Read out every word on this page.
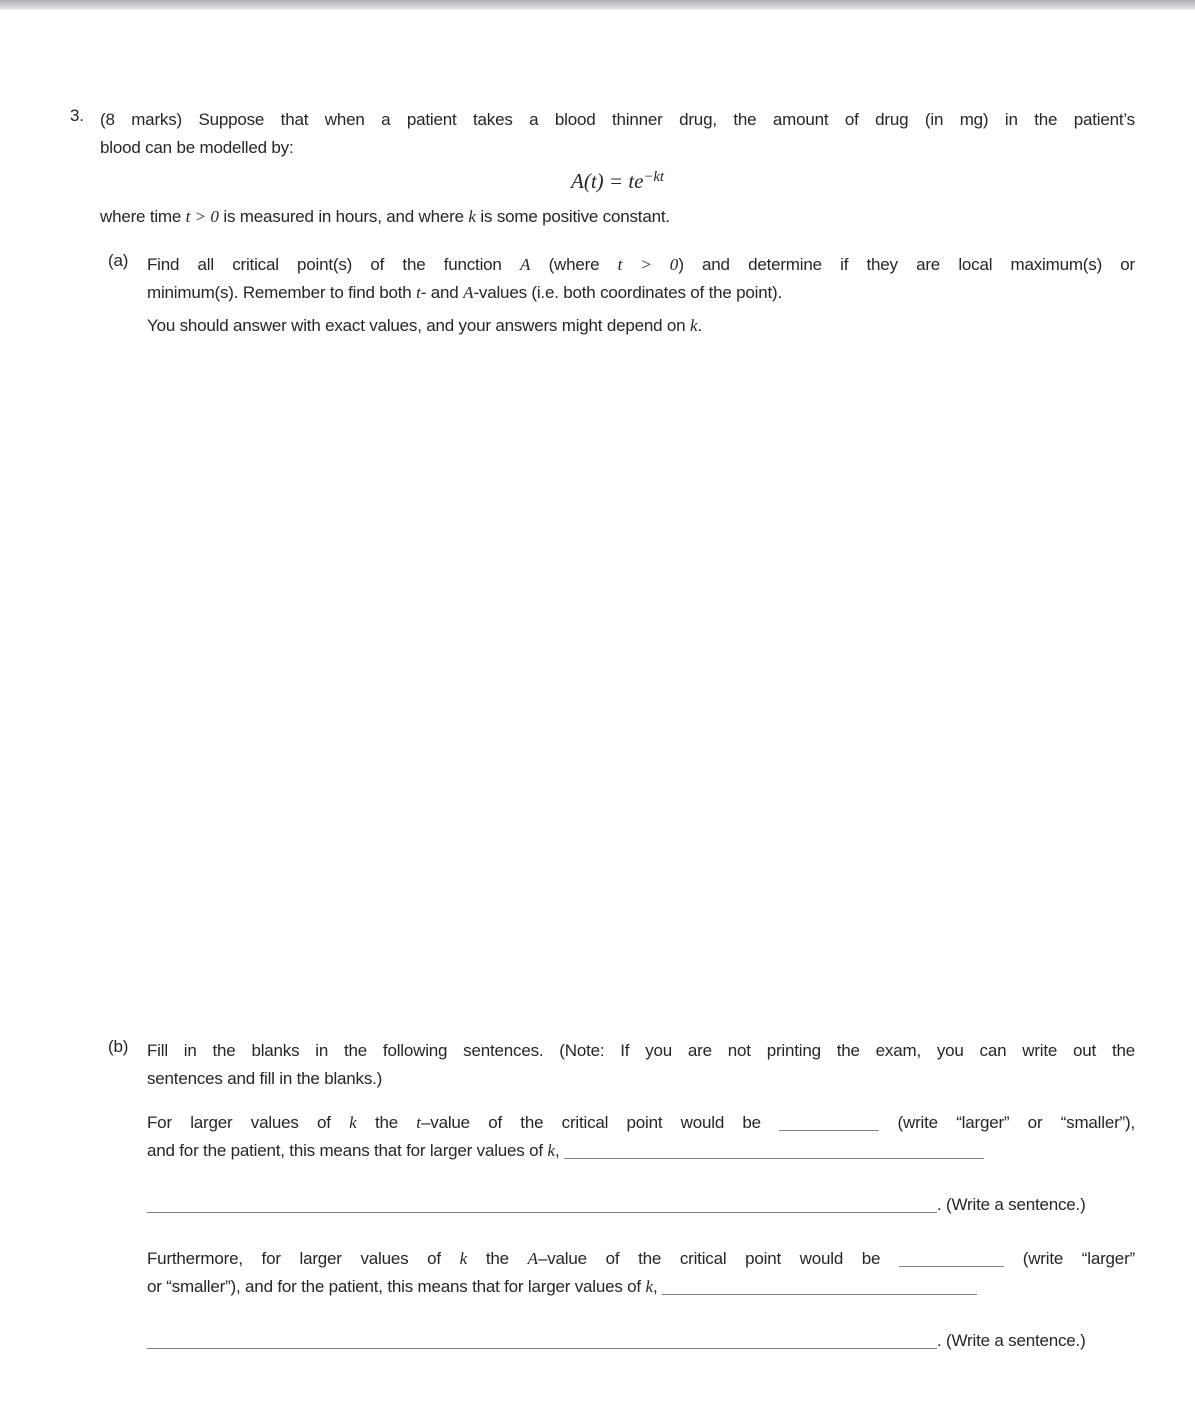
3. (8 marks) Suppose that when a patient takes a blood thinner drug, the amount of drug (in mg) in the patient’s
blood can be modelled by:
$A(t) = te^{-kt}$
where time t > 0 is measured in hours, and where k is some positive constant.
(a)	Find all critical point(s) of the function A (where t > 0) and determine if they are local maximum(s) or
minimum(s). Remember to find both t- and A-values (i.e. both coordinates of the point).
You should answer with exact values, and your answers might depend on k.
(b)	Fill in the blanks in the following sentences. (Note: If you are not printing the exam, you can write out the
sentences and fill in the blanks.)
For larger values of k the t–value of the critical point would be	(write “larger” or “smaller”),
and for the patient, this means that for larger values of k,
. (Write a sentence.)
Furthermore, for larger values of k the A–value of the critical point would be	(write “larger”
or “smaller”), and for the patient, this means that for larger values of k,
. (Write a sentence.)
